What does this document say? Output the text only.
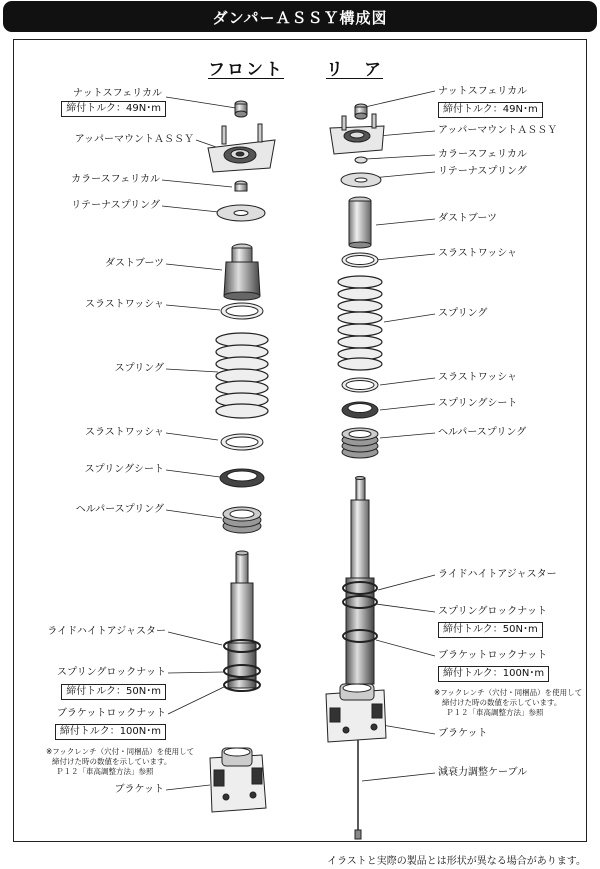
ダンパーＡＳＳＹ構成図
フロント リ　ア
ナットスフェリカル
締付トルク：49N･m
アッパーマウントＡＳＳＹ
カラースフェリカル
リテーナスプリング
ダストブーツ
スラストワッシャ
スプリング
スラストワッシャ
スプリングシート
ヘルパースプリング
ライドハイトアジャスター
スプリングロックナット
締付トルク：50N･m
ブラケットロックナット
締付トルク：100N･m
※フックレンチ（穴付・同梱品）を使用して
締付けた時の数値を示しています。
Ｐ１２「車高調整方法」参照
ブラケット
ナットスフェリカル
締付トルク：49N･m
アッパーマウントＡＳＳＹ
カラースフェリカル
リテーナスプリング
ダストブーツ
スラストワッシャ
スプリング
スラストワッシャ
スプリングシート
ヘルパースプリング
ライドハイトアジャスター
スプリングロックナット
締付トルク：50N･m
ブラケットロックナット
締付トルク：100N･m
※フックレンチ（穴付・同梱品）を使用して
締付けた時の数値を示しています。
Ｐ１２「車高調整方法」参照
ブラケット
減衰力調整ケーブル
イラストと実際の製品とは形状が異なる場合があります。
